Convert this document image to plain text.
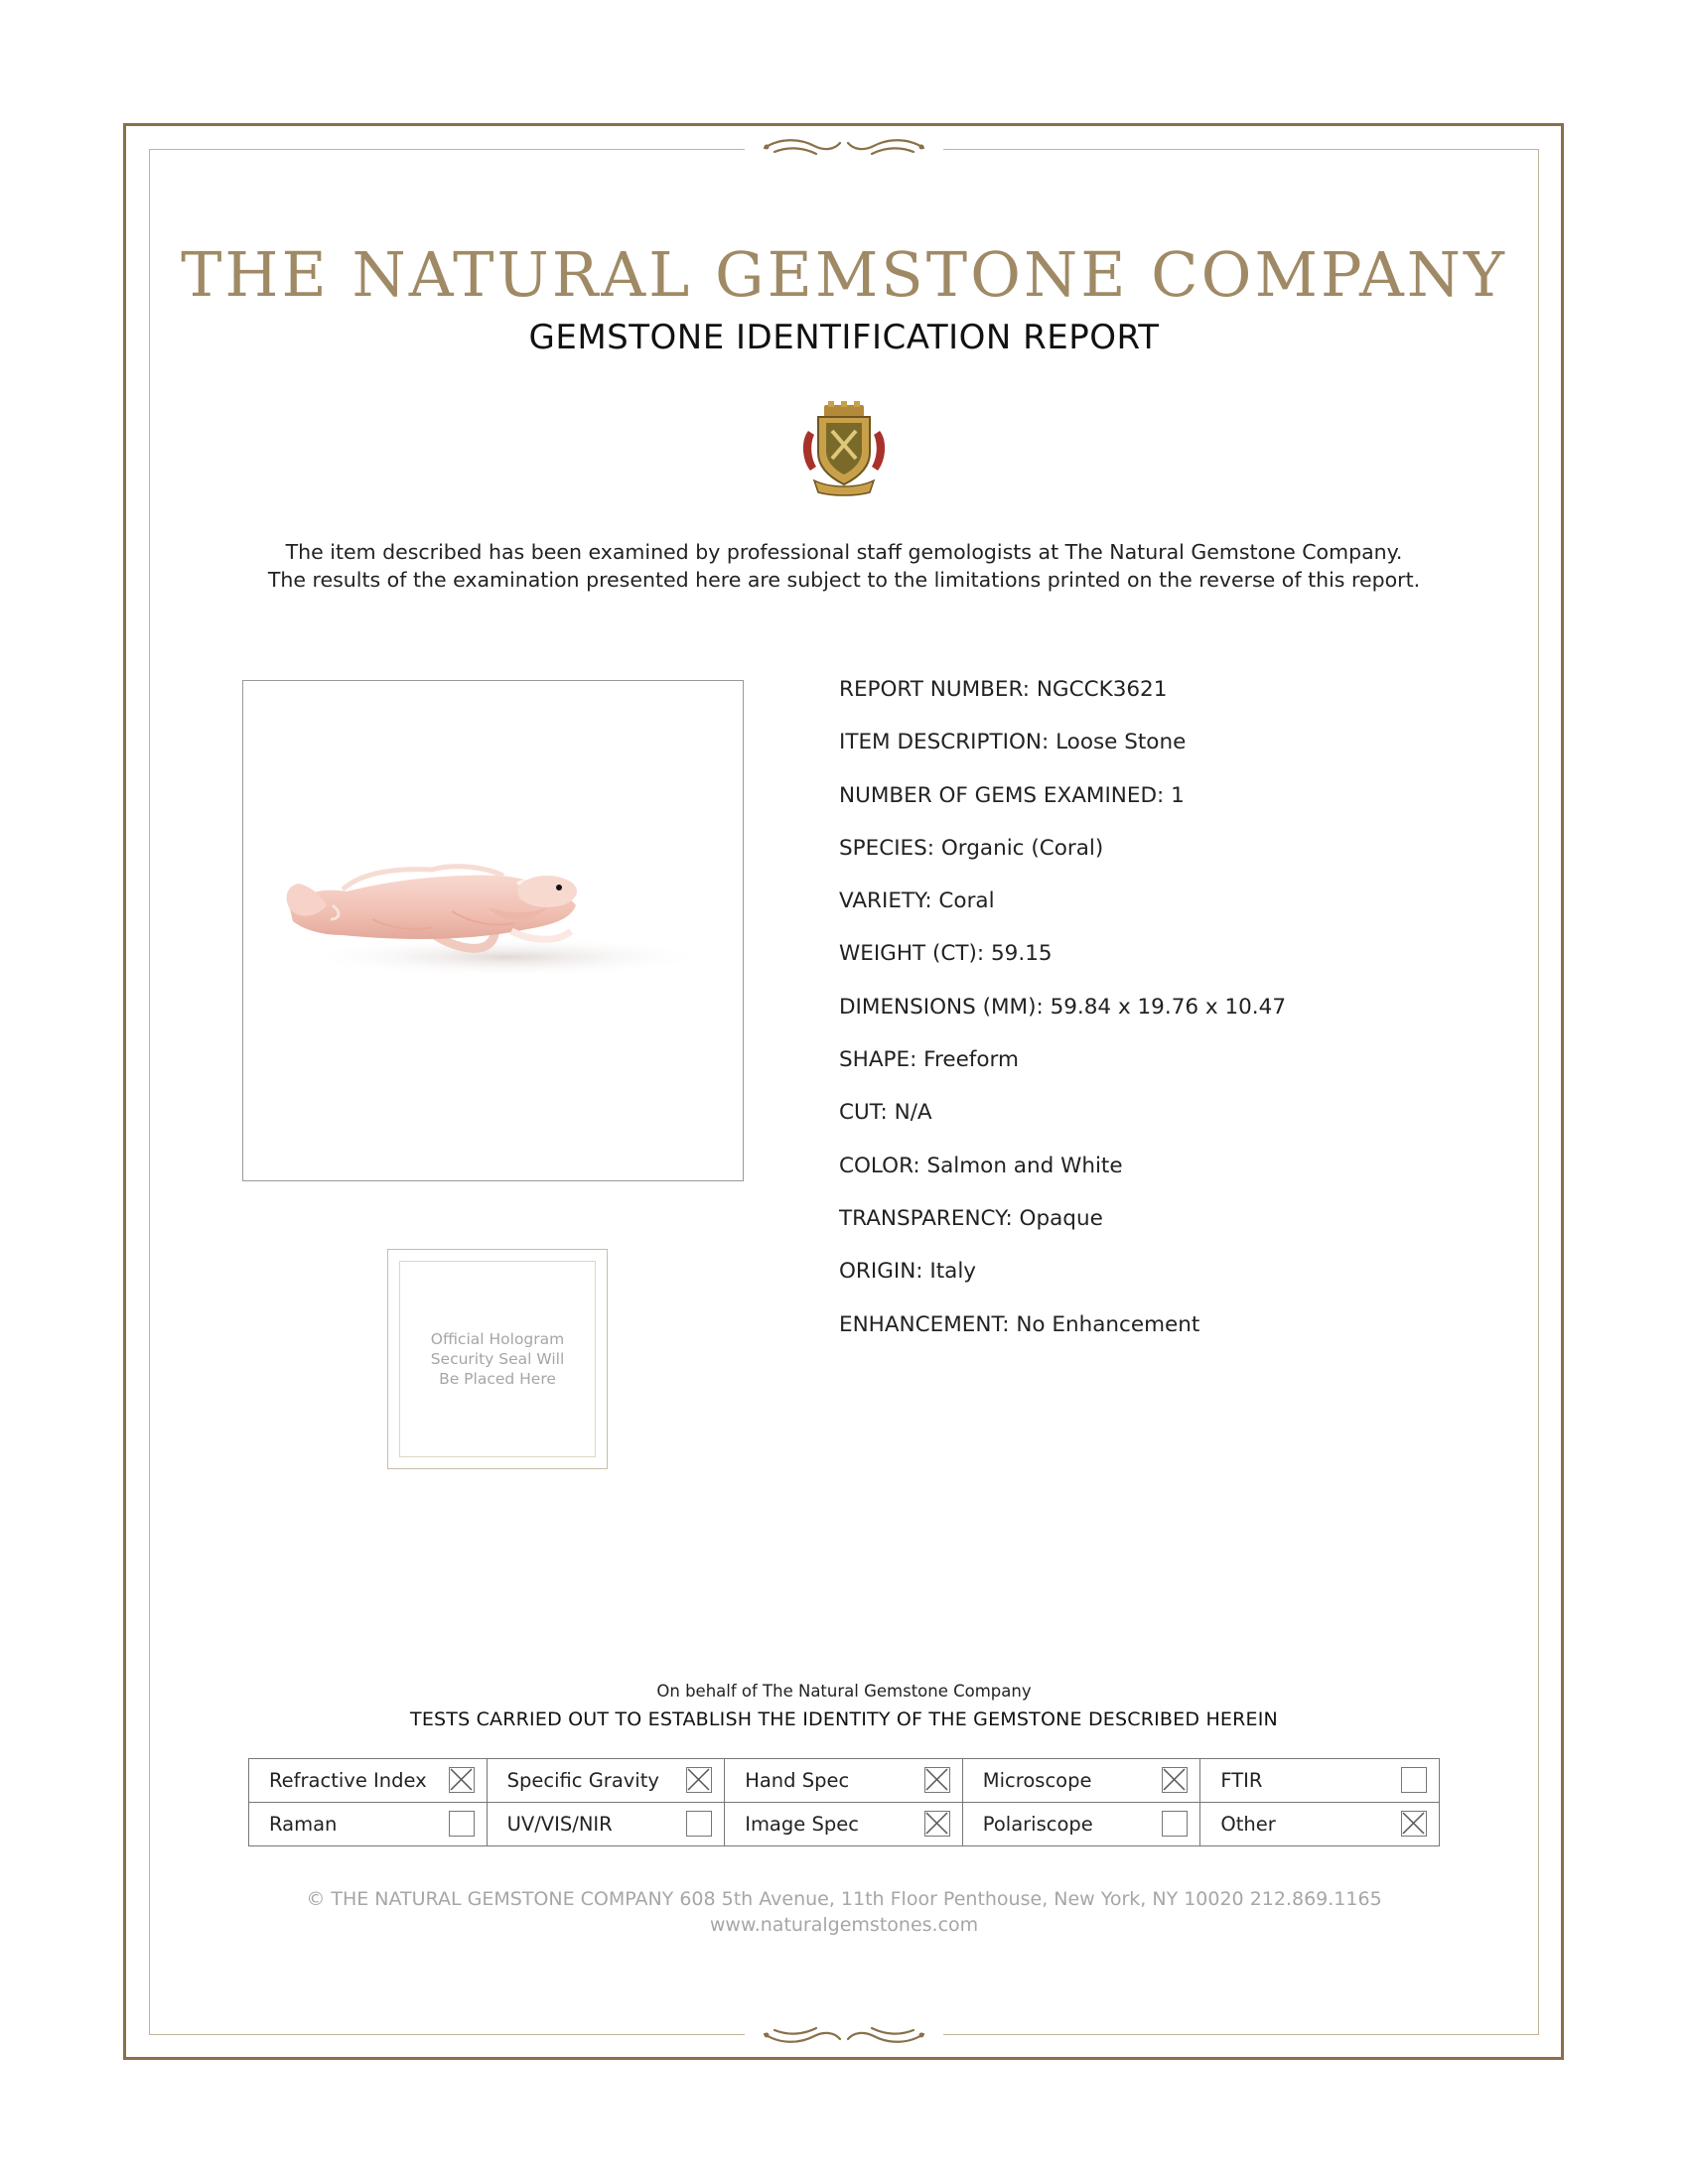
THE NATURAL GEMSTONE COMPANY
GEMSTONE IDENTIFICATION REPORT
The item described has been examined by professional staff gemologists at The Natural Gemstone Company.
The results of the examination presented here are subject to the limitations printed on the reverse of this report.
Official Hologram
Security Seal Will
Be Placed Here
REPORT NUMBER: NGCCK3621
ITEM DESCRIPTION: Loose Stone
NUMBER OF GEMS EXAMINED: 1
SPECIES: Organic (Coral)
VARIETY: Coral
WEIGHT (CT): 59.15
DIMENSIONS (MM): 59.84 x 19.76 x 10.47
SHAPE: Freeform
CUT: N/A
COLOR: Salmon and White
TRANSPARENCY: Opaque
ORIGIN: Italy
ENHANCEMENT: No Enhancement
On behalf of The Natural Gemstone Company
TESTS CARRIED OUT TO ESTABLISH THE IDENTITY OF THE GEMSTONE DESCRIBED HEREIN
Refractive Index	Specific Gravity	Hand Spec	Microscope	FTIR
Raman	UV/VIS/NIR	Image Spec	Polariscope	Other
© THE NATURAL GEMSTONE COMPANY 608 5th Avenue, 11th Floor Penthouse, New York, NY 10020 212.869.1165
www.naturalgemstones.com
